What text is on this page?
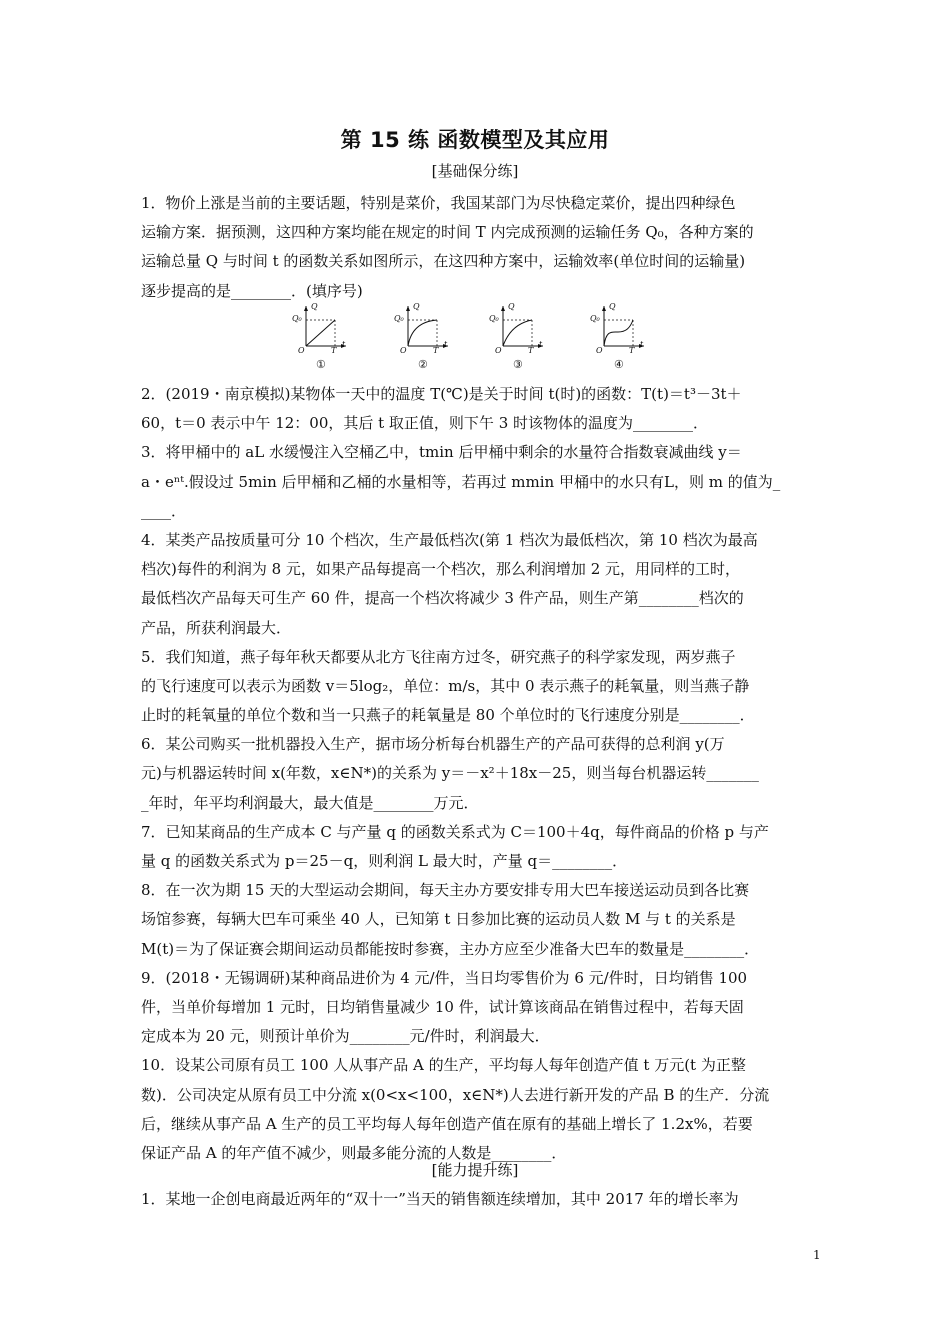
第 15 练 函数模型及其应用
[基础保分练]
1．物价上涨是当前的主要话题，特别是菜价，我国某部门为尽快稳定菜价，提出四种绿色
运输方案．据预测，这四种方案均能在规定的时间 T 内完成预测的运输任务 Q₀，各种方案的
运输总量 Q 与时间 t 的函数关系如图所示，在这四种方案中，运输效率(单位时间的运输量)
逐步提高的是________．(填序号)
Q
Q₀
O	T
t
①
Q
Q₀
O	T
t
②
Q
Q₀
O	T
t
③
Q
Q₀
O	T
t
④
2．(2019・南京模拟)某物体一天中的温度 T(℃)是关于时间 t(时)的函数：T(t)＝t³－3t＋
60，t＝0 表示中午 12：00，其后 t 取正值，则下午 3 时该物体的温度为________．
3．将甲桶中的 aL 水缓慢注入空桶乙中，tmin 后甲桶中剩余的水量符合指数衰减曲线 y＝
a・eⁿᵗ.假设过 5min 后甲桶和乙桶的水量相等，若再过 mmin 甲桶中的水只有L，则 m 的值为_
____．
4．某类产品按质量可分 10 个档次，生产最低档次(第 1 档次为最低档次，第 10 档次为最高
档次)每件的利润为 8 元，如果产品每提高一个档次，那么利润增加 2 元，用同样的工时，
最低档次产品每天可生产 60 件，提高一个档次将减少 3 件产品，则生产第________档次的
产品，所获利润最大．
5．我们知道，燕子每年秋天都要从北方飞往南方过冬，研究燕子的科学家发现，两岁燕子
的飞行速度可以表示为函数 v＝5log₂，单位：m/s，其中 0 表示燕子的耗氧量，则当燕子静
止时的耗氧量的单位个数和当一只燕子的耗氧量是 80 个单位时的飞行速度分别是________．
6．某公司购买一批机器投入生产，据市场分析每台机器生产的产品可获得的总利润 y(万
元)与机器运转时间 x(年数，x∈N*)的关系为 y＝－x²＋18x－25，则当每台机器运转_______
_年时，年平均利润最大，最大值是________万元．
7．已知某商品的生产成本 C 与产量 q 的函数关系式为 C＝100＋4q，每件商品的价格 p 与产
量 q 的函数关系式为 p＝25－q，则利润 L 最大时，产量 q＝________．
8．在一次为期 15 天的大型运动会期间，每天主办方要安排专用大巴车接送运动员到各比赛
场馆参赛，每辆大巴车可乘坐 40 人，已知第 t 日参加比赛的运动员人数 M 与 t 的关系是
M(t)＝为了保证赛会期间运动员都能按时参赛，主办方应至少准备大巴车的数量是________．
9．(2018・无锡调研)某种商品进价为 4 元/件，当日均零售价为 6 元/件时，日均销售 100
件，当单价每增加 1 元时，日均销售量减少 10 件，试计算该商品在销售过程中，若每天固
定成本为 20 元，则预计单价为________元/件时，利润最大．
10．设某公司原有员工 100 人从事产品 A 的生产，平均每人每年创造产值 t 万元(t 为正整
数)．公司决定从原有员工中分流 x(0<x<100，x∈N*)人去进行新开发的产品 B 的生产．分流
后，继续从事产品 A 生产的员工平均每人每年创造产值在原有的基础上增长了 1.2x%，若要
保证产品 A 的年产值不减少，则最多能分流的人数是________．
[能力提升练]
1．某地一企创电商最近两年的“双十一”当天的销售额连续增加，其中 2017 年的增长率为
1
